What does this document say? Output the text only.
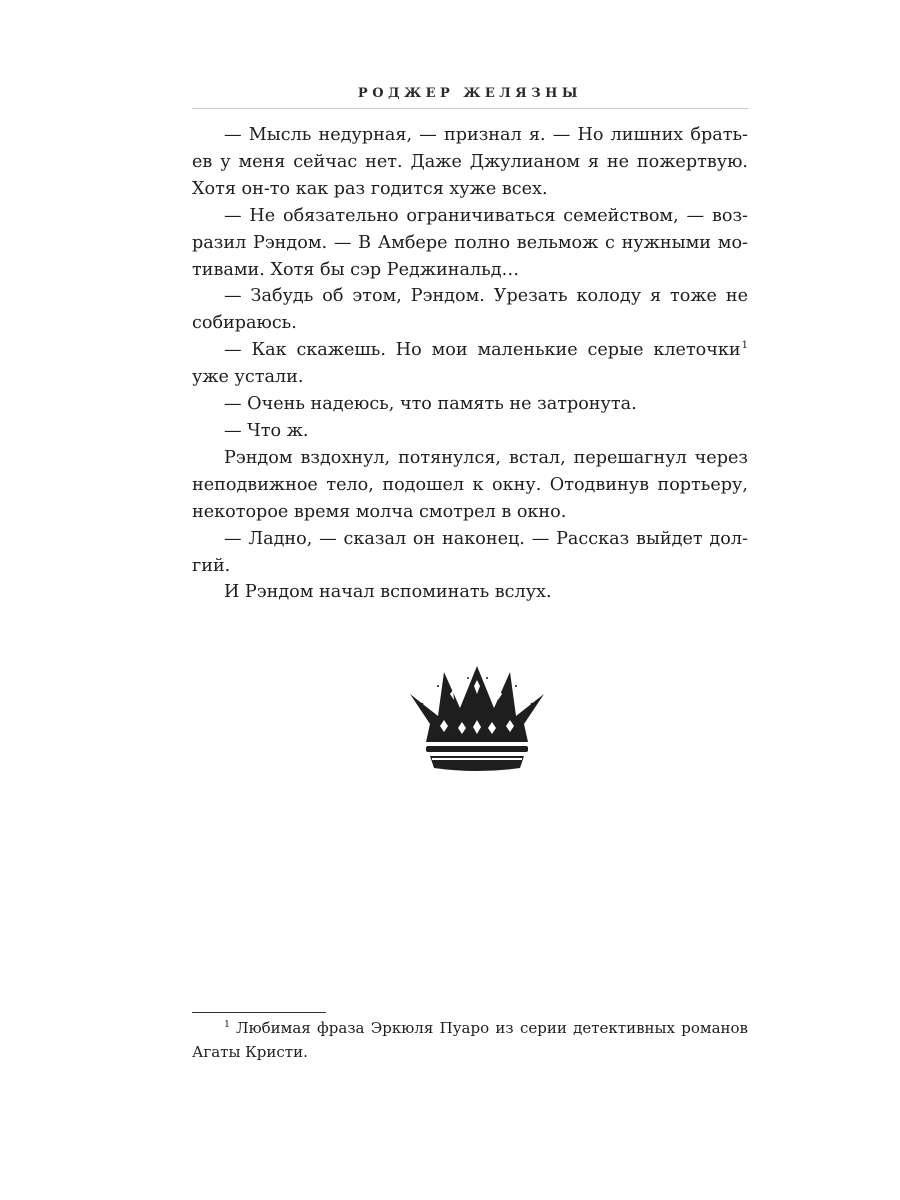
РОДЖЕР ЖЕЛЯЗНЫ

— Мысль недурная, — признал я. — Но лишних братьев у меня сейчас нет. Даже Джулианом я не пожертвую. Хотя он-то как раз годится хуже всех.

— Не обязательно ограничиваться семейством, — возразил Рэндом. — В Амбере полно вельмож с нужными мотивами. Хотя бы сэр Реджинальд…

— Забудь об этом, Рэндом. Урезать колоду я тоже не собираюсь.

— Как скажешь. Но мои маленькие серые клеточки$^1$ уже устали.

— Очень надеюсь, что память не затронута.

— Что ж.

Рэндом вздохнул, потянулся, встал, перешагнул через неподвижное тело, подошел к окну. Отодвинув портьеру, некоторое время молча смотрел в окно.

— Ладно, — сказал он наконец. — Рассказ выйдет долгий.

И Рэндом начал вспоминать вслух.

$^1$ Любимая фраза Эркюля Пуаро из серии детективных романов Агаты Кристи.
